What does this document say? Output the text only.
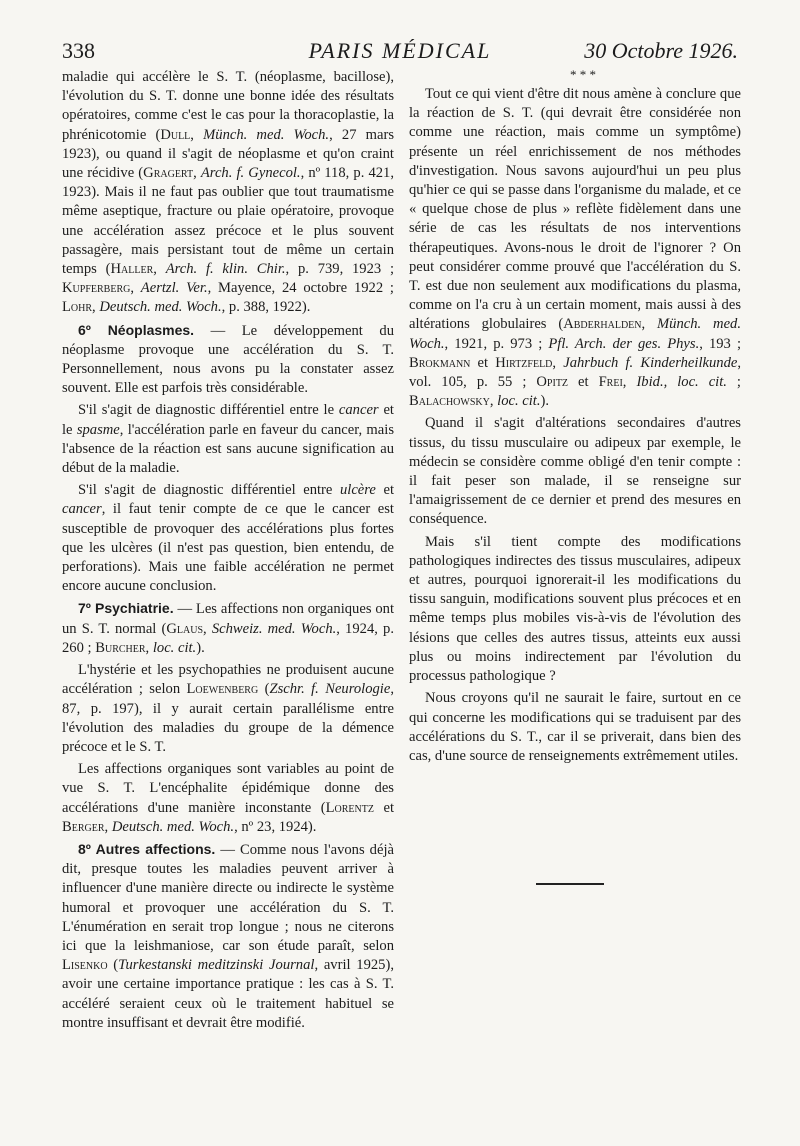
338	PARIS MÉDICAL	30 Octobre 1926.

maladie qui accélère le S. T. (néoplasme, bacillose), l'évolution du S. T. donne une bonne idée des résultats opératoires, comme c'est le cas pour la thoracoplastie, la phrénicotomie (Dull, Münch. med. Woch., 27 mars 1923), ou quand il s'agit de néoplasme et qu'on craint une récidive (Gragert, Arch. f. Gynecol., nº 118, p. 421, 1923). Mais il ne faut pas oublier que tout traumatisme même aseptique, fracture ou plaie opératoire, provoque une accélération assez précoce et le plus souvent passagère, mais persistant tout de même un certain temps (Haller, Arch. f. klin. Chir., p. 739, 1923 ; Kupferberg, Aertzl. Ver., Mayence, 24 octobre 1922 ; Lohr, Deutsch. med. Woch., p. 388, 1922).

6º Néoplasmes. — Le développement du néoplasme provoque une accélération du S. T. Personnellement, nous avons pu la constater assez souvent. Elle est parfois très considérable.

S'il s'agit de diagnostic différentiel entre le cancer et le spasme, l'accélération parle en faveur du cancer, mais l'absence de la réaction est sans aucune signification au début de la maladie.

S'il s'agit de diagnostic différentiel entre ulcère et cancer, il faut tenir compte de ce que le cancer est susceptible de provoquer des accélérations plus fortes que les ulcères (il n'est pas question, bien entendu, de perforations). Mais une faible accélération ne permet encore aucune conclusion.

7º Psychiatrie. — Les affections non organiques ont un S. T. normal (Glaus, Schweiz. med. Woch., 1924, p. 260 ; Burcher, loc. cit.).

L'hystérie et les psychopathies ne produisent aucune accélération ; selon Loewenberg (Zschr. f. Neurologie, 87, p. 197), il y aurait certain parallélisme entre l'évolution des maladies du groupe de la démence précoce et le S. T.

Les affections organiques sont variables au point de vue S. T. L'encéphalite épidémique donne des accélérations d'une manière inconstante (Lorentz et Berger, Deutsch. med. Woch., nº 23, 1924).

8º Autres affections. — Comme nous l'avons déjà dit, presque toutes les maladies peuvent arriver à influencer d'une manière directe ou indirecte le système humoral et provoquer une accélération du S. T. L'énumération en serait trop longue ; nous ne citerons ici que la leishmaniose, car son étude paraît, selon Lisenko (Turkestanski meditzinski Journal, avril 1925), avoir une certaine importance pratique : les cas à S. T. accéléré seraient ceux où le traitement habituel se montre insuffisant et devrait être modifié.

* * *

Tout ce qui vient d'être dit nous amène à conclure que la réaction de S. T. (qui devrait être considérée non comme une réaction, mais comme un symptôme) présente un réel enrichissement de nos méthodes d'investigation. Nous savons aujourd'hui un peu plus qu'hier ce qui se passe dans l'organisme du malade, et ce « quelque chose de plus » reflète fidèlement dans une série de cas les résultats de nos interventions thérapeutiques. Avons-nous le droit de l'ignorer ? On peut considérer comme prouvé que l'accélération du S. T. est due non seulement aux modifications du plasma, comme on l'a cru à un certain moment, mais aussi à des altérations globulaires (Abderhalden, Münch. med. Woch., 1921, p. 973 ; Pfl. Arch. der ges. Phys., 193 ; Brokmann et Hirtzfeld, Jahrbuch f. Kinderheilkunde, vol. 105, p. 55 ; Opitz et Frei, Ibid., loc. cit. ; Balachowsky, loc. cit.).

Quand il s'agit d'altérations secondaires d'autres tissus, du tissu musculaire ou adipeux par exemple, le médecin se considère comme obligé d'en tenir compte : il fait peser son malade, il se renseigne sur l'amaigrissement de ce dernier et prend des mesures en conséquence.

Mais s'il tient compte des modifications pathologiques indirectes des tissus musculaires, adipeux et autres, pourquoi ignorerait-il les modifications du tissu sanguin, modifications souvent plus précoces et en même temps plus mobiles vis-à-vis de l'évolution des lésions que celles des autres tissus, atteints eux aussi plus ou moins indirectement par l'évolution du processus pathologique ?

Nous croyons qu'il ne saurait le faire, surtout en ce qui concerne les modifications qui se traduisent par des accélérations du S. T., car il se priverait, dans bien des cas, d'une source de renseignements extrêmement utiles.
